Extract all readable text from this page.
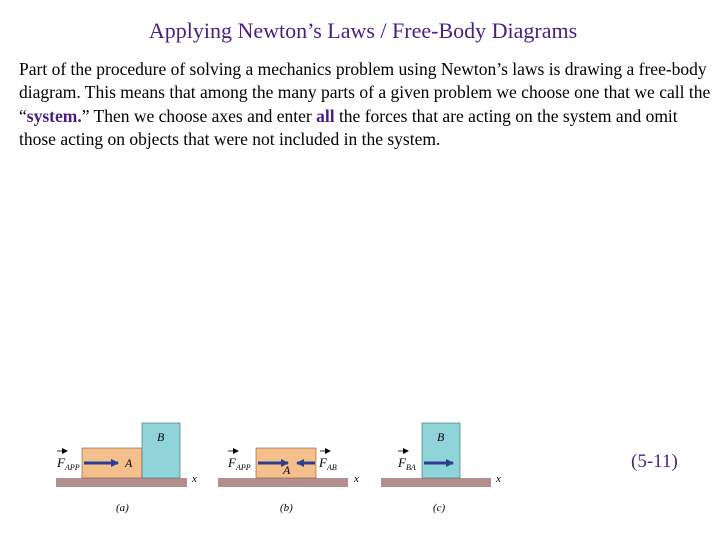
Applying Newton’s Laws / Free-Body Diagrams

Part of the procedure of solving a mechanics problem using Newton’s laws is drawing a free-body diagram. This means that among the many parts of a given problem we choose one that we call the “system.” Then we choose axes and enter all the forces that are acting on the system and omit those acting on objects that were not included in the system.

$F_{APP}$	A
B
x
(a)
$F_{APP}$	A $F_{AB}$
x
(b)
$F_{BA}$
B
x
(c)
(5-11)
